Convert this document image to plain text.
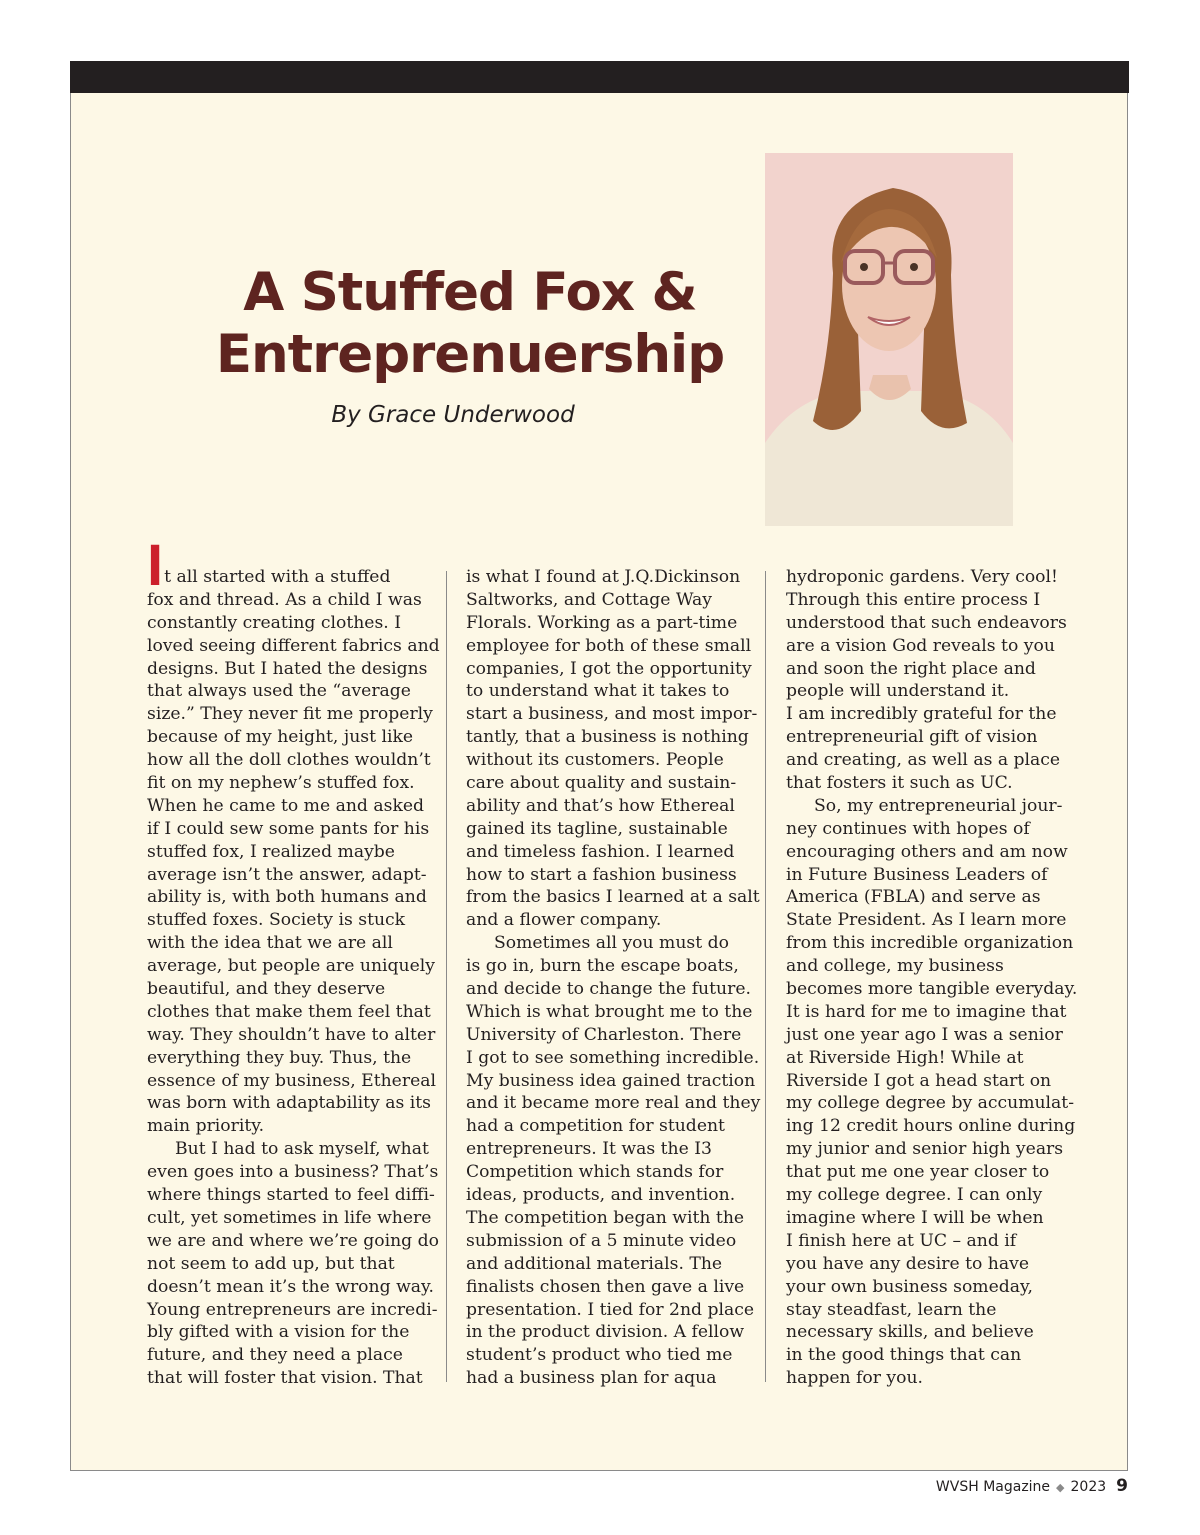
A Stuffed Fox &
Entreprenuership
By Grace Underwood
It all started with a stuffed
fox and thread. As a child I was
constantly creating clothes. I
loved seeing different fabrics and
designs. But I hated the designs
that always used the “average
size.” They never fit me properly
because of my height, just like
how all the doll clothes wouldn’t
fit on my nephew’s stuffed fox.
When he came to me and asked
if I could sew some pants for his
stuffed fox, I realized maybe
average isn’t the answer, adapt-
ability is, with both humans and
stuffed foxes. Society is stuck
with the idea that we are all
average, but people are uniquely
beautiful, and they deserve
clothes that make them feel that
way. They shouldn’t have to alter
everything they buy. Thus, the
essence of my business, Ethereal
was born with adaptability as its
main priority.
But I had to ask myself, what
even goes into a business? That’s
where things started to feel diffi-
cult, yet sometimes in life where
we are and where we’re going do
not seem to add up, but that
doesn’t mean it’s the wrong way.
Young entrepreneurs are incredi-
bly gifted with a vision for the
future, and they need a place
that will foster that vision. That
is what I found at J.Q.Dickinson
Saltworks, and Cottage Way
Florals. Working as a part-time
employee for both of these small
companies, I got the opportunity
to understand what it takes to
start a business, and most impor-
tantly, that a business is nothing
without its customers. People
care about quality and sustain-
ability and that’s how Ethereal
gained its tagline, sustainable
and timeless fashion. I learned
how to start a fashion business
from the basics I learned at a salt
and a flower company.
Sometimes all you must do
is go in, burn the escape boats,
and decide to change the future.
Which is what brought me to the
University of Charleston. There
I got to see something incredible.
My business idea gained traction
and it became more real and they
had a competition for student
entrepreneurs. It was the I3
Competition which stands for
ideas, products, and invention.
The competition began with the
submission of a 5 minute video
and additional materials. The
finalists chosen then gave a live
presentation. I tied for 2nd place
in the product division. A fellow
student’s product who tied me
had a business plan for aqua
hydroponic gardens. Very cool!
Through this entire process I
understood that such endeavors
are a vision God reveals to you
and soon the right place and
people will understand it.
I am incredibly grateful for the
entrepreneurial gift of vision
and creating, as well as a place
that fosters it such as UC.
So, my entrepreneurial jour-
ney continues with hopes of
encouraging others and am now
in Future Business Leaders of
America (FBLA) and serve as
State President. As I learn more
from this incredible organization
and college, my business
becomes more tangible everyday.
It is hard for me to imagine that
just one year ago I was a senior
at Riverside High! While at
Riverside I got a head start on
my college degree by accumulat-
ing 12 credit hours online during
my junior and senior high years
that put me one year closer to
my college degree. I can only
imagine where I will be when
I finish here at UC – and if
you have any desire to have
your own business someday,
stay steadfast, learn the
necessary skills, and believe
in the good things that can
happen for you.
WVSH Magazine ◆ 2023 9
